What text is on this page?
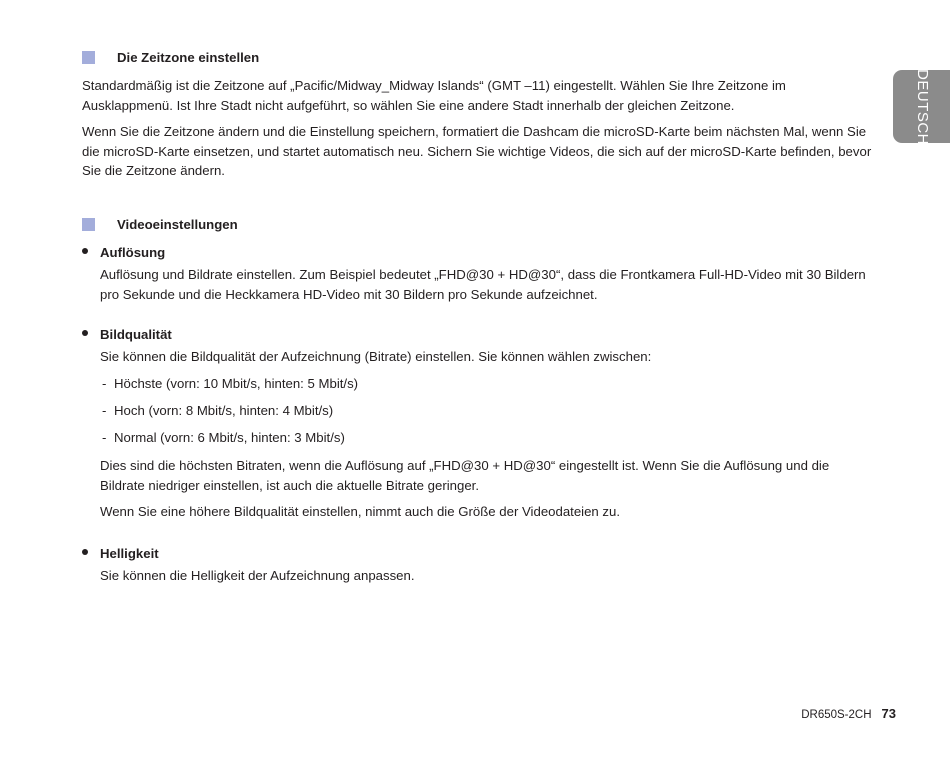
DEUTSCH
Die Zeitzone einstellen

Standardmäßig ist die Zeitzone auf „Pacific/Midway_Midway Islands“ (GMT –11) eingestellt. Wählen Sie Ihre Zeitzone im Ausklappmenü. Ist Ihre Stadt nicht aufgeführt, so wählen Sie eine andere Stadt innerhalb der gleichen Zeitzone.

Wenn Sie die Zeitzone ändern und die Einstellung speichern, formatiert die Dashcam die microSD-Karte beim nächsten Mal, wenn Sie die microSD-Karte einsetzen, und startet automatisch neu. Sichern Sie wichtige Videos, die sich auf der microSD-Karte befinden, bevor Sie die Zeitzone ändern.

Videoeinstellungen
Auflösung

Auflösung und Bildrate einstellen. Zum Beispiel bedeutet „FHD@30 + HD@30“, dass die Frontkamera Full-HD-Video mit 30 Bildern pro Sekunde und die Heckkamera HD-Video mit 30 Bildern pro Sekunde aufzeichnet.

Bildqualität

Sie können die Bildqualität der Aufzeichnung (Bitrate) einstellen. Sie können wählen zwischen:

- Höchste (vorn: 10 Mbit/s, hinten: 5 Mbit/s)
- Hoch (vorn: 8 Mbit/s, hinten: 4 Mbit/s)
- Normal (vorn: 6 Mbit/s, hinten: 3 Mbit/s)

Dies sind die höchsten Bitraten, wenn die Auflösung auf „FHD@30 + HD@30“ eingestellt ist. Wenn Sie die Auflösung und die Bildrate niedriger einstellen, ist auch die aktuelle Bitrate geringer.

Wenn Sie eine höhere Bildqualität einstellen, nimmt auch die Größe der Videodateien zu.

Helligkeit

Sie können die Helligkeit der Aufzeichnung anpassen.

DR650S-2CH 73
